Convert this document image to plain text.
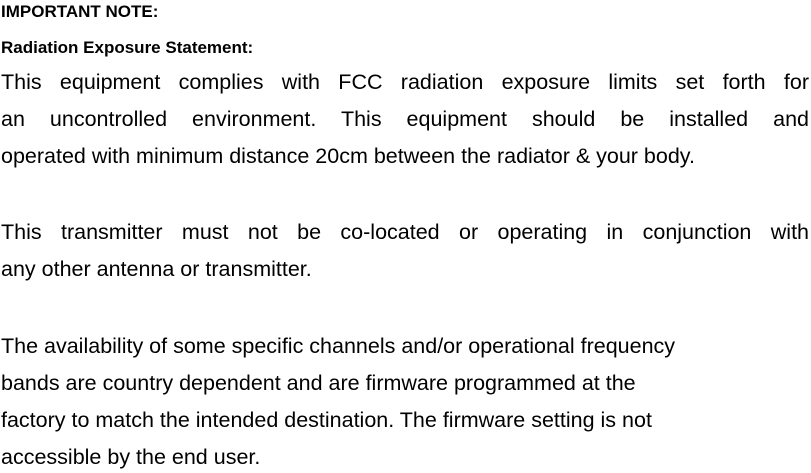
IMPORTANT NOTE:
Radiation Exposure Statement:
This equipment complies with FCC radiation exposure limits set forth for
an uncontrolled environment. This equipment should be installed and
operated with minimum distance 20cm between the radiator & your body.
This transmitter must not be co-located or operating in conjunction with
any other antenna or transmitter.
The availability of some specific channels and/or operational frequency
bands are country dependent and are firmware programmed at the
factory to match the intended destination. The firmware setting is not
accessible by the end user.
